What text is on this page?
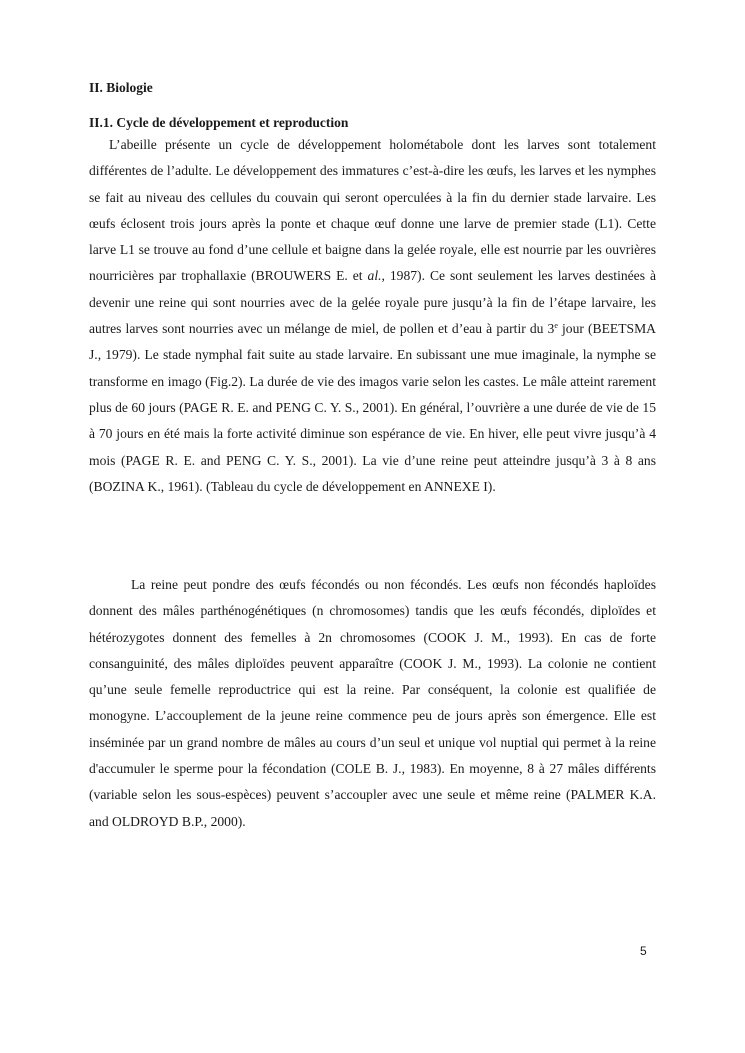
II. Biologie
II.1. Cycle de développement et reproduction

L’abeille présente un cycle de développement holométabole dont les larves sont totalement différentes de l’adulte. Le développement des immatures c’est-à-dire les œufs, les larves et les nymphes se fait au niveau des cellules du couvain qui seront operculées à la fin du dernier stade larvaire. Les œufs éclosent trois jours après la ponte et chaque œuf donne une larve de premier stade (L1). Cette larve L1 se trouve au fond d’une cellule et baigne dans la gelée royale, elle est nourrie par les ouvrières nourricières par trophallaxie (BROUWERS E. et al., 1987). Ce sont seulement les larves destinées à devenir une reine qui sont nourries avec de la gelée royale pure jusqu’à la fin de l’étape larvaire, les autres larves sont nourries avec un mélange de miel, de pollen et d’eau à partir du 3e jour (BEETSMA J., 1979). Le stade nymphal fait suite au stade larvaire. En subissant une mue imaginale, la nymphe se transforme en imago (Fig.2). La durée de vie des imagos varie selon les castes. Le mâle atteint rarement plus de 60 jours (PAGE R. E. and PENG C. Y. S., 2001). En général, l’ouvrière a une durée de vie de 15 à 70 jours en été mais la forte activité diminue son espérance de vie. En hiver, elle peut vivre jusqu’à 4 mois (PAGE R. E. and PENG C. Y. S., 2001). La vie d’une reine peut atteindre jusqu’à 3 à 8 ans (BOZINA K., 1961). (Tableau du cycle de développement en ANNEXE I).

La reine peut pondre des œufs fécondés ou non fécondés. Les œufs non fécondés haploïdes donnent des mâles parthénogénétiques (n chromosomes) tandis que les œufs fécondés, diploïdes et hétérozygotes donnent des femelles à 2n chromosomes (COOK J. M., 1993). En cas de forte consanguinité, des mâles diploïdes peuvent apparaître (COOK J. M., 1993). La colonie ne contient qu’une seule femelle reproductrice qui est la reine. Par conséquent, la colonie est qualifiée de monogyne. L’accouplement de la jeune reine commence peu de jours après son émergence. Elle est inséminée par un grand nombre de mâles au cours d’un seul et unique vol nuptial qui permet à la reine d'accumuler le sperme pour la fécondation (COLE B. J., 1983). En moyenne, 8 à 27 mâles différents (variable selon les sous-espèces) peuvent s’accoupler avec une seule et même reine (PALMER K.A. and OLDROYD B.P., 2000).

5
